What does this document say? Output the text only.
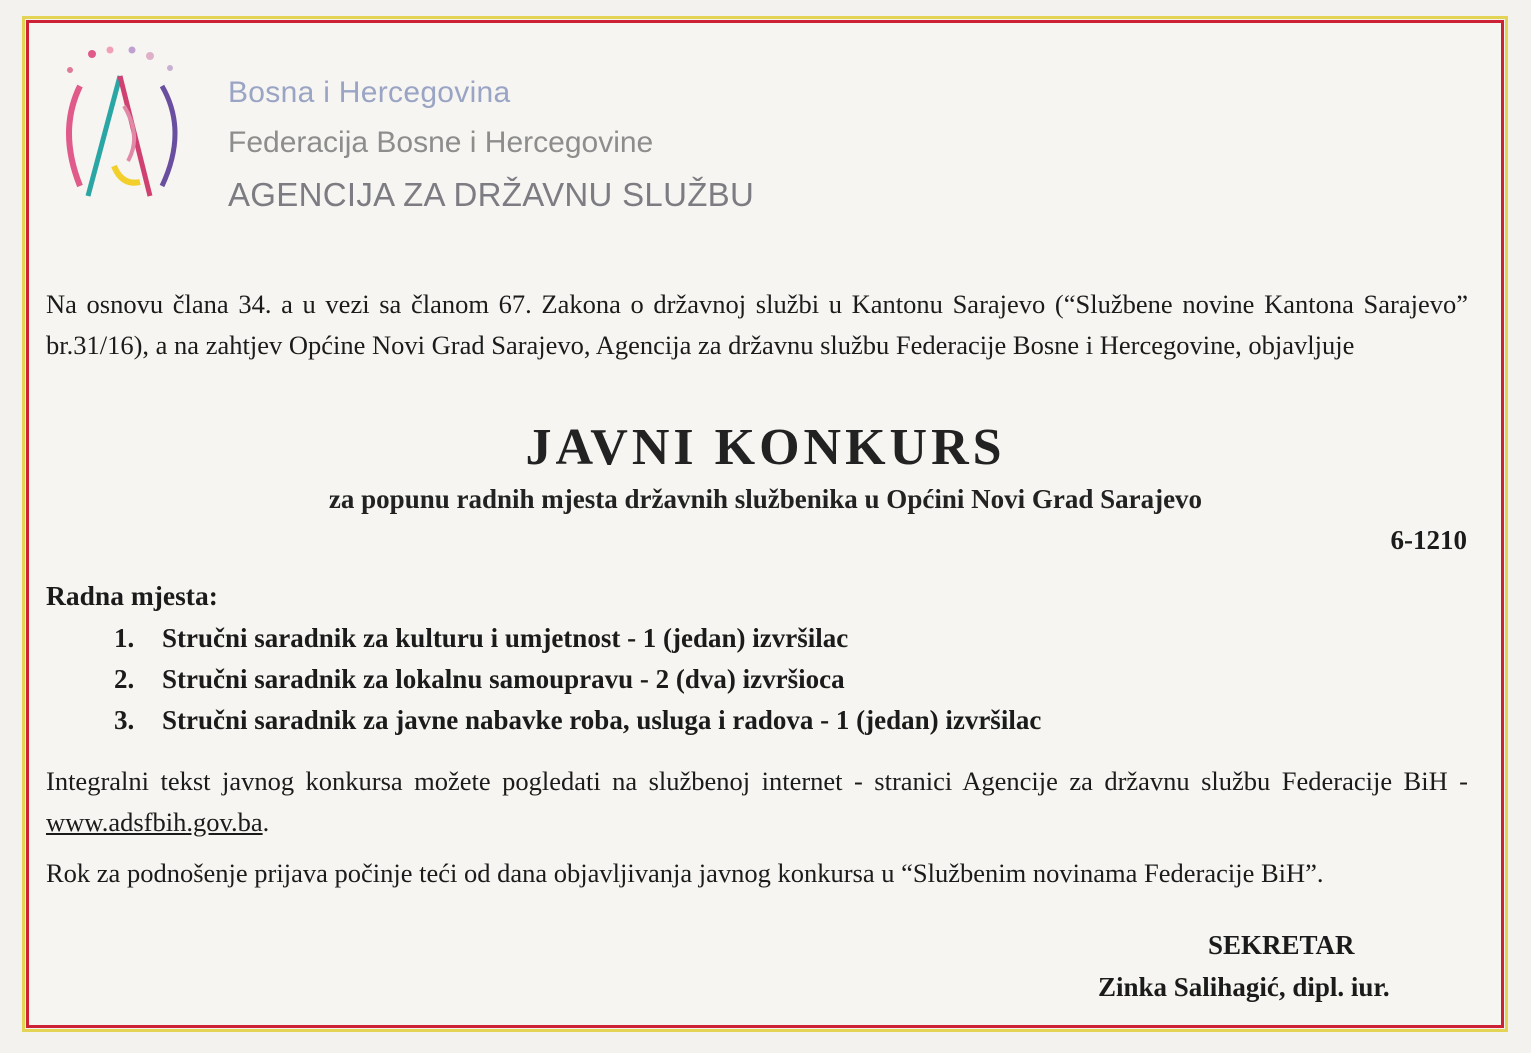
Bosna i Hercegovina
Federacija Bosne i Hercegovine
AGENCIJA ZA DRŽAVNU SLUŽBU
Na osnovu člana 34. a u vezi sa članom 67. Zakona o državnoj službi u Kantonu Sarajevo (“Službene novine Kantona Sarajevo” br.31/16), a na zahtjev Općine Novi Grad Sarajevo, Agencija za državnu službu Federacije Bosne i Hercegovine, objavljuje
JAVNI KONKURS
za popunu radnih mjesta državnih službenika u Općini Novi Grad Sarajevo
6-1210
Radna mjesta:
1. Stručni saradnik za kulturu i umjetnost - 1 (jedan) izvršilac
2. Stručni saradnik za lokalnu samoupravu - 2 (dva) izvršioca
3. Stručni saradnik za javne nabavke roba, usluga i radova - 1 (jedan) izvršilac
Integralni tekst javnog konkursa možete pogledati na službenoj internet - stranici Agencije za državnu službu Federacije BiH - www.adsfbih.gov.ba.
Rok za podnošenje prijava počinje teći od dana objavljivanja javnog konkursa u “Službenim novinama Federacije BiH”.
SEKRETAR
Zinka Salihagić, dipl. iur.
